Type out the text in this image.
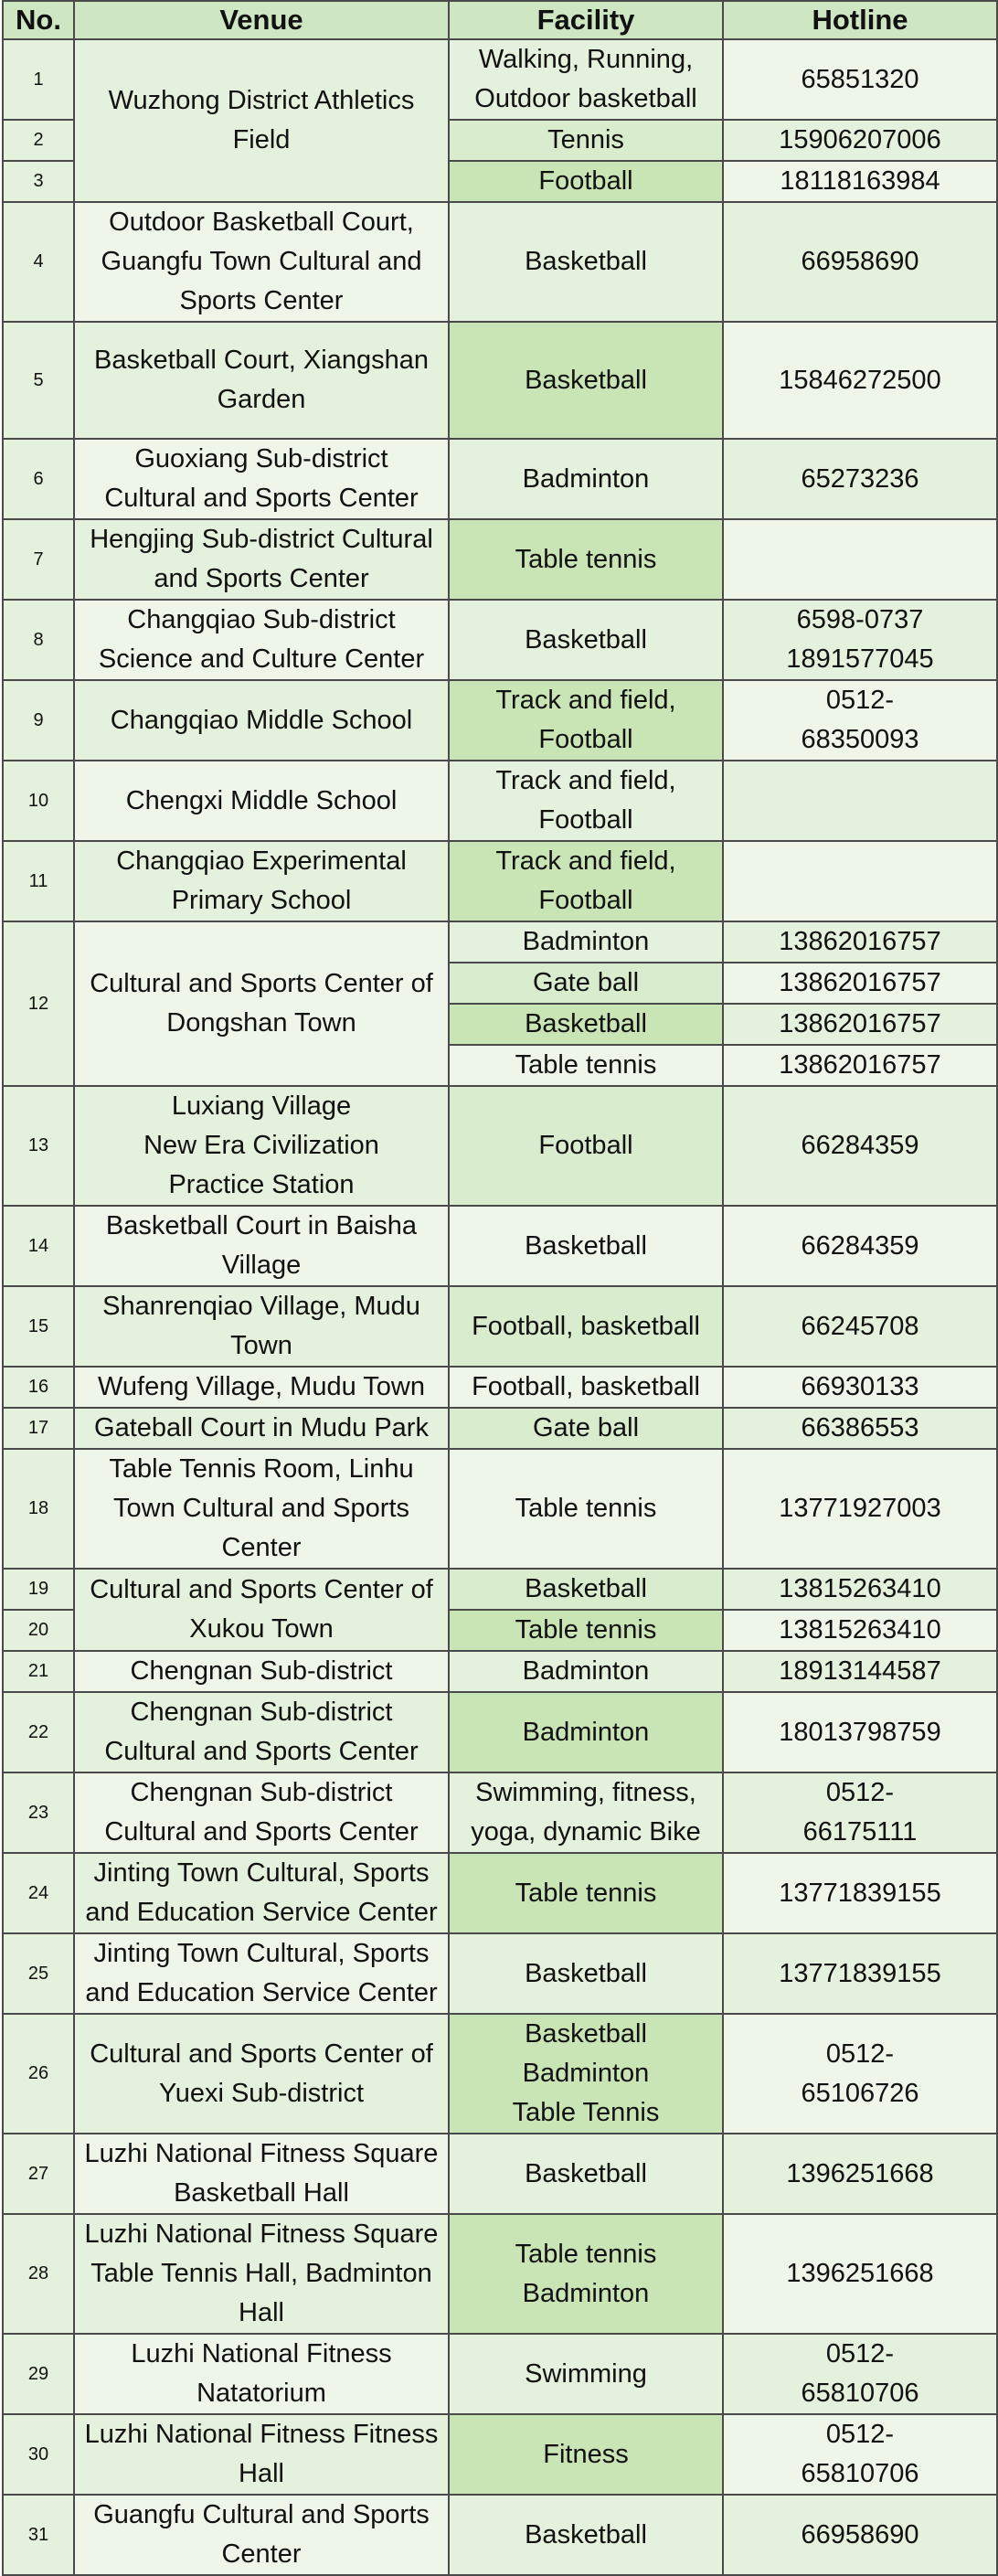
No.	Venue	Facility	Hotline
1	Wuzhong District Athletics
Field	Walking, Running,
Outdoor basketball	65851320
2		Tennis	15906207006
3		Football	18118163984
4	Outdoor Basketball Court,
Guangfu Town Cultural and
Sports Center	Basketball	66958690
5	Basketball Court, Xiangshan
Garden	Basketball	15846272500
6	Guoxiang Sub-district
Cultural and Sports Center	Badminton	65273236
7	Hengjing Sub-district Cultural
and Sports Center	Table tennis	
8	Changqiao Sub-district
Science and Culture Center	Basketball	6598-0737
1891577045
9	Changqiao Middle School	Track and field,
Football	0512-
68350093
10	Chengxi Middle School	Track and field,
Football	
11	Changqiao Experimental
Primary School	Track and field,
Football	
12	Cultural and Sports Center of
Dongshan Town	Badminton	13862016757
		Gate ball	13862016757
		Basketball	13862016757
		Table tennis	13862016757
13	Luxiang Village
New Era Civilization
Practice Station	Football	66284359
14	Basketball Court in Baisha
Village	Basketball	66284359
15	Shanrenqiao Village, Mudu
Town	Football, basketball	66245708
16	Wufeng Village, Mudu Town	Football, basketball	66930133
17	Gateball Court in Mudu Park	Gate ball	66386553
18	Table Tennis Room, Linhu
Town Cultural and Sports
Center	Table tennis	13771927003
19	Cultural and Sports Center of
Xukou Town	Basketball	13815263410
20		Table tennis	13815263410
21	Chengnan Sub-district	Badminton	18913144587
22	Chengnan Sub-district
Cultural and Sports Center	Badminton	18013798759
23	Chengnan Sub-district
Cultural and Sports Center	Swimming, fitness,
yoga, dynamic Bike	0512-
66175111
24	Jinting Town Cultural, Sports
and Education Service Center	Table tennis	13771839155
25	Jinting Town Cultural, Sports
and Education Service Center	Basketball	13771839155
26	Cultural and Sports Center of
Yuexi Sub-district	Basketball
Badminton
Table Tennis	0512-
65106726
27	Luzhi National Fitness Square
Basketball Hall	Basketball	1396251668
28	Luzhi National Fitness Square
Table Tennis Hall, Badminton
Hall	Table tennis
Badminton	1396251668
29	Luzhi National Fitness
Natatorium	Swimming	0512-
65810706
30	Luzhi National Fitness Fitness
Hall	Fitness	0512-
65810706
31	Guangfu Cultural and Sports
Center	Basketball	66958690
